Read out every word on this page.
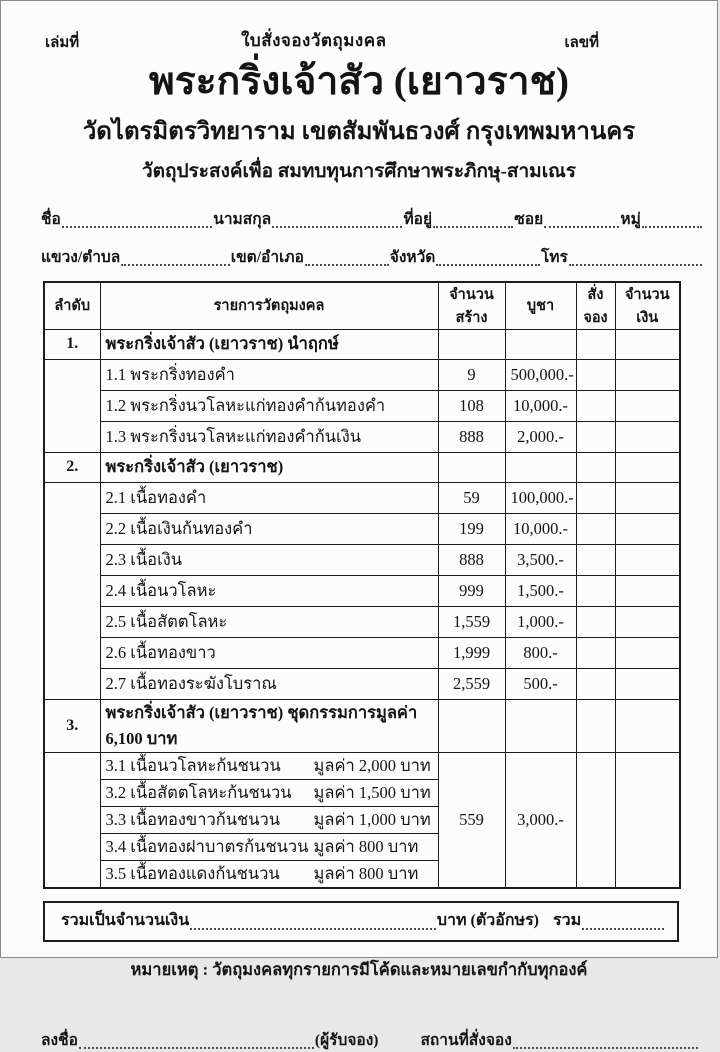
เล่มที่	ใบสั่งจองวัตถุมงคล	เลขที่
พระกริ่งเจ้าสัว (เยาวราช)
วัดไตรมิตรวิทยาราม เขตสัมพันธวงศ์ กรุงเทพมหานคร
วัตถุประสงค์เพื่อ สมทบทุนการศึกษาพระภิกษุ-สามเณร
ชื่อ	นามสกุล	ที่อยู่	ซอย	หมู่
แขวง/ตำบล	เขต/อำเภอ	จังหวัด	โทร
ลำดับ	รายการวัตถุมงคล	จำนวนสร้าง	บูชา	สั่งจอง	จำนวนเงิน
1.	พระกริ่งเจ้าสัว (เยาวราช) นำฤกษ์				
	1.1 พระกริ่งทองคำ	9	500,000.-		
	1.2 พระกริ่งนวโลหะแก่ทองคำก้นทองคำ	108	10,000.-		
	1.3 พระกริ่งนวโลหะแก่ทองคำก้นเงิน	888	2,000.-		
2.	พระกริ่งเจ้าสัว (เยาวราช)				
	2.1 เนื้อทองคำ	59	100,000.-		
	2.2 เนื้อเงินก้นทองคำ	199	10,000.-		
	2.3 เนื้อเงิน	888	3,500.-		
	2.4 เนื้อนวโลหะ	999	1,500.-		
	2.5 เนื้อสัตตโลหะ	1,559	1,000.-		
	2.6 เนื้อทองขาว	1,999	800.-		
	2.7 เนื้อทองระฆังโบราณ	2,559	500.-		
3.	พระกริ่งเจ้าสัว (เยาวราช) ชุดกรรมการมูลค่า 6,100 บาท				
	3.1 เนื้อนวโลหะก้นชนวน มูลค่า 2,000 บาท	559	3,000.-		
	3.2 เนื้อสัตตโลหะก้นชนวน มูลค่า 1,500 บาท				
	3.3 เนื้อทองขาวก้นชนวน มูลค่า 1,000 บาท				
	3.4 เนื้อทองฝาบาตรก้นชนวน มูลค่า 800 บาท				
	3.5 เนื้อทองแดงก้นชนวน มูลค่า 800 บาท				
รวมเป็นจำนวนเงิน	บาท (ตัวอักษร) รวม
หมายเหตุ : วัตถุมงคลทุกรายการมีโค้ดและหมายเลขกำกับทุกองค์
ลงชื่อ	(ผู้รับจอง)	สถานที่สั่งจอง
